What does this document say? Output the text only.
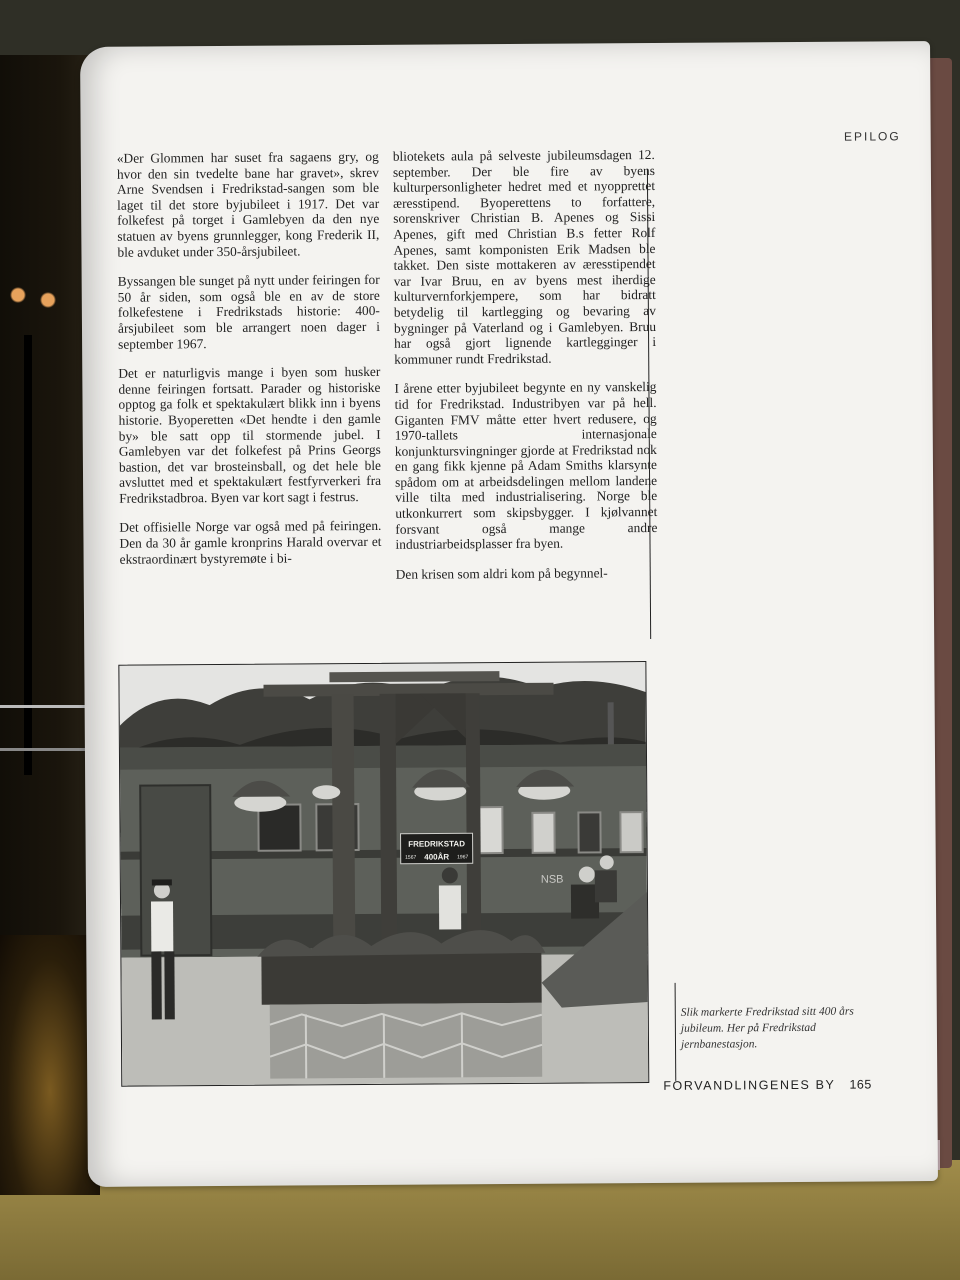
EPILOG

«Der Glommen har suset fra sagaens gry, og hvor den sin tvedelte bane har gravet», skrev Arne Svendsen i Fredrikstad-sangen som ble laget til det store byjubileet i 1917. Det var folkefest på torget i Gamlebyen da den nye statuen av byens grunnlegger, kong Frederik II, ble avduket under 350-årsjubileet.

Byssangen ble sunget på nytt under feiringen for 50 år siden, som også ble en av de store folkefestene i Fredrikstads historie: 400-årsjubileet som ble arrangert noen dager i september 1967.

Det er naturligvis mange i byen som husker denne feiringen fortsatt. Parader og historiske opptog ga folk et spektakulært blikk inn i byens historie. Byoperetten «Det hendte i den gamle by» ble satt opp til stormende jubel. I Gamlebyen var det folkefest på Prins Georgs bastion, det var brosteinsball, og det hele ble avsluttet med et spektakulært festfyrverkeri fra Fredrikstadbroa. Byen var kort sagt i festrus.

Det offisielle Norge var også med på feiringen. Den da 30 år gamle kronprins Harald overvar et ekstraordinært bystyremøte i bi-

bliotekets aula på selveste jubileumsdagen 12. september. Der ble fire av byens kulturpersonligheter hedret med et nyopprettet æresstipend. Byoperettens to forfattere, sorenskriver Christian B. Apenes og Sissi Apenes, gift med Christian B.s fetter Rolf Apenes, samt komponisten Erik Madsen ble takket. Den siste mottakeren av æresstipendet var Ivar Bruu, en av byens mest iherdige kulturvernforkjempere, som har bidratt betydelig til kartlegging og bevaring av bygninger på Vaterland og i Gamlebyen. Bruu har også gjort lignende kartlegginger i kommuner rundt Fredrikstad.

I årene etter byjubileet begynte en ny vanskelig tid for Fredrikstad. Industribyen var på hell. Giganten FMV måtte etter hvert redusere, og 1970-tallets internasjonale konjunktursvingninger gjorde at Fredrikstad nok en gang fikk kjenne på Adam Smiths klarsynte spådom om at arbeidsdelingen mellom landene ville tilta med industrialisering. Norge ble utkonkurrert som skipsbygger. I kjølvannet forsvant også mange andre industriarbeidsplasser fra byen.

Den krisen som aldri kom på begynnel-

NSB
FREDRIKSTAD
1567 400ÅR 1967
Slik markerte Fredrikstad sitt 400 års jubileum. Her på Fredrikstad jernbanestasjon.
FORVANDLINGENES BY 165
